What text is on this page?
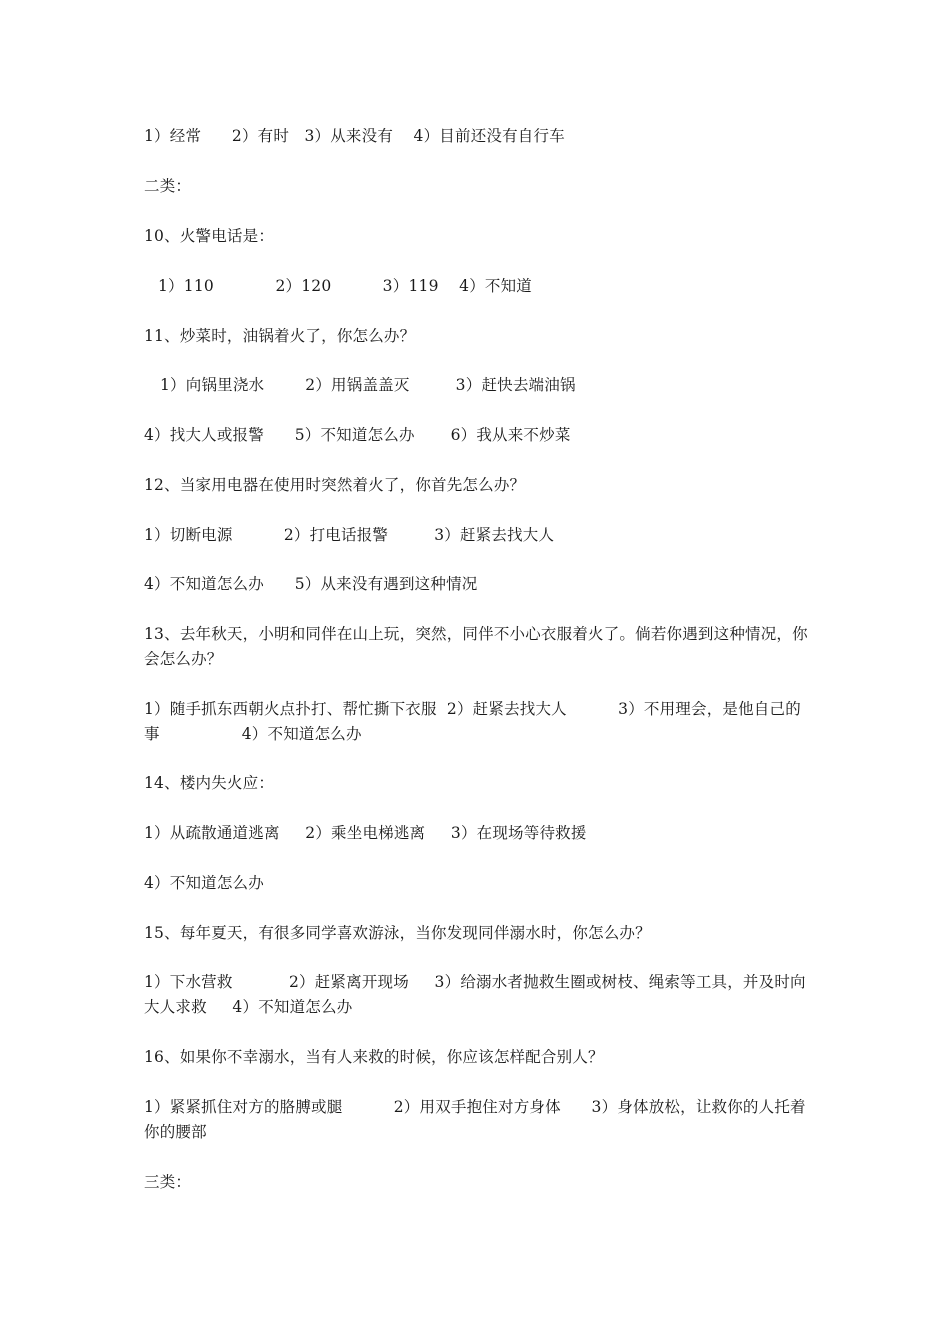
1）经常      2）有时   3）从来没有    4）目前还没有自行车
二类：
10、火警电话是：
1）110            2）120          3）119    4）不知道
11、炒菜时，油锅着火了，你怎么办？
1）向锅里浇水        2）用锅盖盖灭         3）赶快去端油锅
4）找大人或报警      5）不知道怎么办       6）我从来不炒菜
12、当家用电器在使用时突然着火了，你首先怎么办？
1）切断电源          2）打电话报警         3）赶紧去找大人
4）不知道怎么办      5）从来没有遇到这种情况
13、去年秋天，小明和同伴在山上玩，突然，同伴不小心衣服着火了。倘若你遇到这种情况，你会怎么办？
1）随手抓东西朝火点扑打、帮忙撕下衣服  2）赶紧去找大人          3）不用理会，是他自己的事                4）不知道怎么办
14、楼内失火应：
1）从疏散通道逃离     2）乘坐电梯逃离     3）在现场等待救援
4）不知道怎么办
15、每年夏天，有很多同学喜欢游泳，当你发现同伴溺水时，你怎么办？
1）下水营救           2）赶紧离开现场     3）给溺水者抛救生圈或树枝、绳索等工具，并及时向大人求救     4）不知道怎么办
16、如果你不幸溺水，当有人来救的时候，你应该怎样配合别人？
1）紧紧抓住对方的胳膊或腿          2）用双手抱住对方身体      3）身体放松，让救你的人托着你的腰部
三类：
